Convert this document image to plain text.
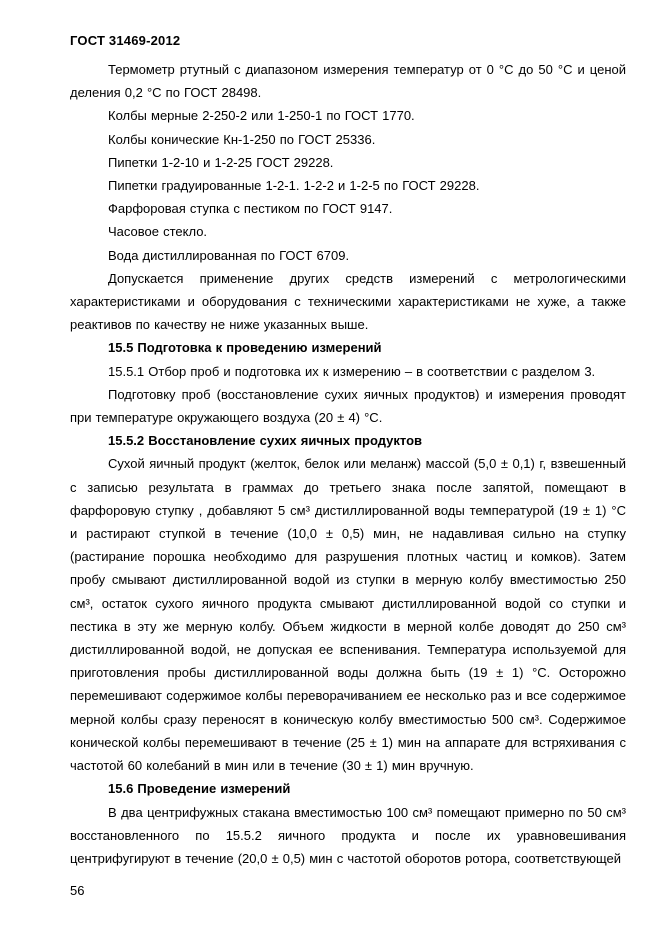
ГОСТ 31469-2012

Термометр ртутный с диапазоном измерения температур от 0 °С до 50 °С и ценой деления 0,2 °С по ГОСТ 28498.

Колбы мерные 2-250-2 или 1-250-1 по ГОСТ 1770.

Колбы конические Кн-1-250 по ГОСТ 25336.

Пипетки 1-2-10 и 1-2-25 ГОСТ 29228.

Пипетки градуированные 1-2-1. 1-2-2 и 1-2-5 по ГОСТ 29228.

Фарфоровая ступка с пестиком по ГОСТ 9147.

Часовое стекло.

Вода дистиллированная по ГОСТ 6709.

Допускается применение других средств измерений с метрологическими характеристиками и оборудования с техническими характеристиками не хуже, а также реактивов по качеству не ниже указанных выше.

15.5 Подготовка к проведению измерений

15.5.1 Отбор проб и подготовка их к измерению – в соответствии с разделом 3.

Подготовку проб (восстановление сухих яичных продуктов) и измерения проводят при температуре окружающего воздуха (20 ± 4) °С.

15.5.2 Восстановление сухих яичных продуктов

Сухой яичный продукт (желток, белок или меланж) массой (5,0 ± 0,1) г, взвешенный с записью результата в граммах до третьего знака после запятой, помещают в фарфоровую ступку , добавляют 5 см³ дистиллированной воды температурой (19 ± 1) °С и растирают ступкой в течение (10,0 ± 0,5) мин, не надавливая сильно на ступку (растирание порошка необходимо для разрушения плотных частиц и комков). Затем пробу смывают дистиллированной водой из ступки в мерную колбу вместимостью 250 см³, остаток сухого яичного продукта смывают дистиллированной водой со ступки и пестика в эту же мерную колбу. Объем жидкости в мерной колбе доводят до 250 см³ дистиллированной водой, не допуская ее вспенивания. Температура используемой для приготовления пробы дистиллированной воды должна быть (19 ± 1) °С. Осторожно перемешивают содержимое колбы переворачиванием ее несколько раз и все содержимое мерной колбы сразу переносят в коническую колбу вместимостью 500 см³. Содержимое конической колбы перемешивают в течение (25 ± 1) мин на аппарате для встряхивания с частотой 60 колебаний в мин или в течение (30 ± 1) мин вручную.

15.6 Проведение измерений

В два центрифужных стакана вместимостью 100 см³ помещают примерно по 50 см³ восстановленного по 15.5.2 яичного продукта и после их уравновешивания центрифугируют в течение (20,0 ± 0,5) мин с частотой оборотов ротора, соответствующей

56
